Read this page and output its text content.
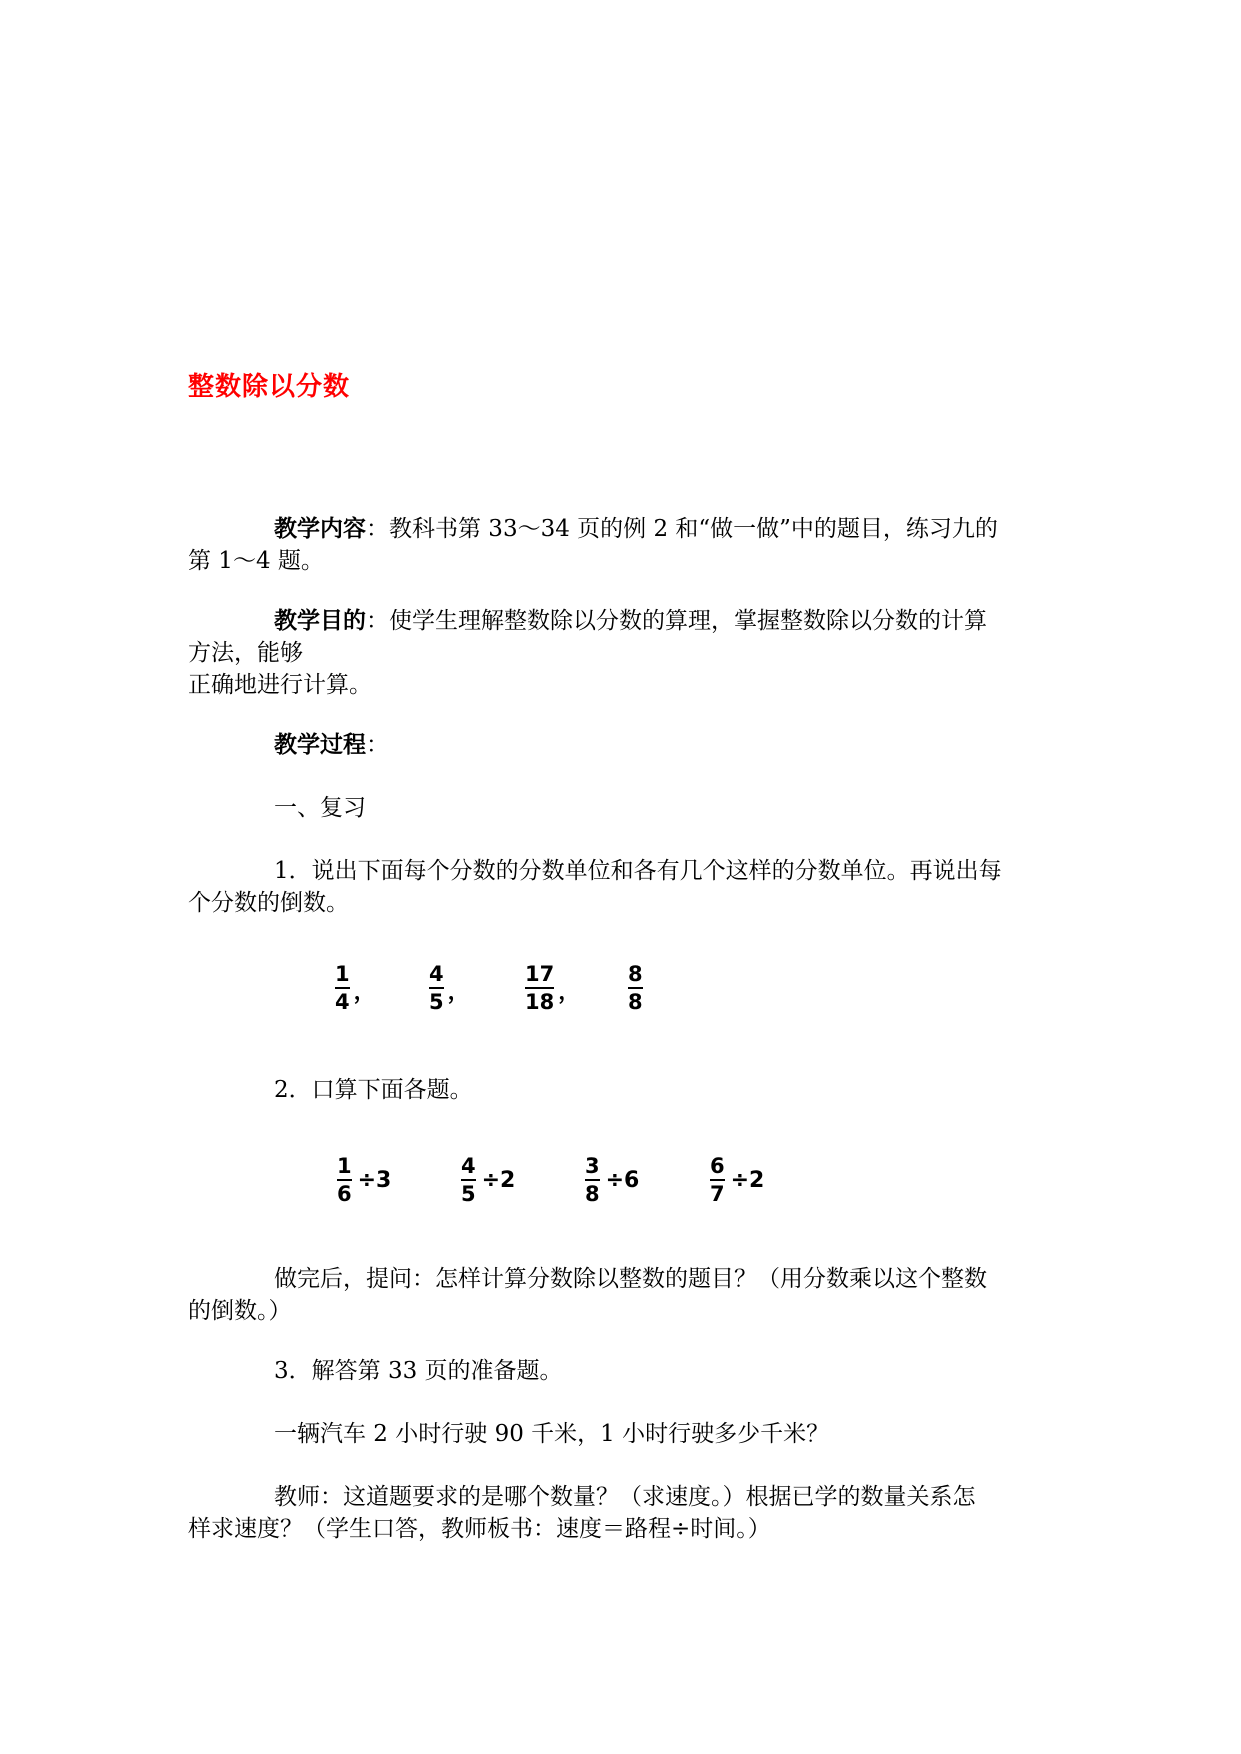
整数除以分数
教学内容：教科书第 33～34 页的例 2 和“做一做”中的题目，练习九的
第 1～4 题。
教学目的：使学生理解整数除以分数的算理，掌握整数除以分数的计算
方法，能够
正确地进行计算。
教学过程：
一、复习
1．说出下面每个分数的分数单位和各有几个这样的分数单位。再说出每
个分数的倒数。
$\frac{1}{4}$ ，	$\frac{4}{5}$ ，	$\frac{17}{18}$ ， $\frac{8}{8}$
2．口算下面各题。
$\frac{1}{6} \div 3$	$\frac{4}{5} \div 2$	$\frac{3}{8} \div 6$	$\frac{6}{7} \div 2$
做完后，提问：怎样计算分数除以整数的题目？（用分数乘以这个整数
的倒数。）
3．解答第 33 页的准备题。
一辆汽车 2 小时行驶 90 千米，1 小时行驶多少千米？
教师：这道题要求的是哪个数量？（求速度。）根据已学的数量关系怎
样求速度？（学生口答，教师板书：速度＝路程÷时间。）
